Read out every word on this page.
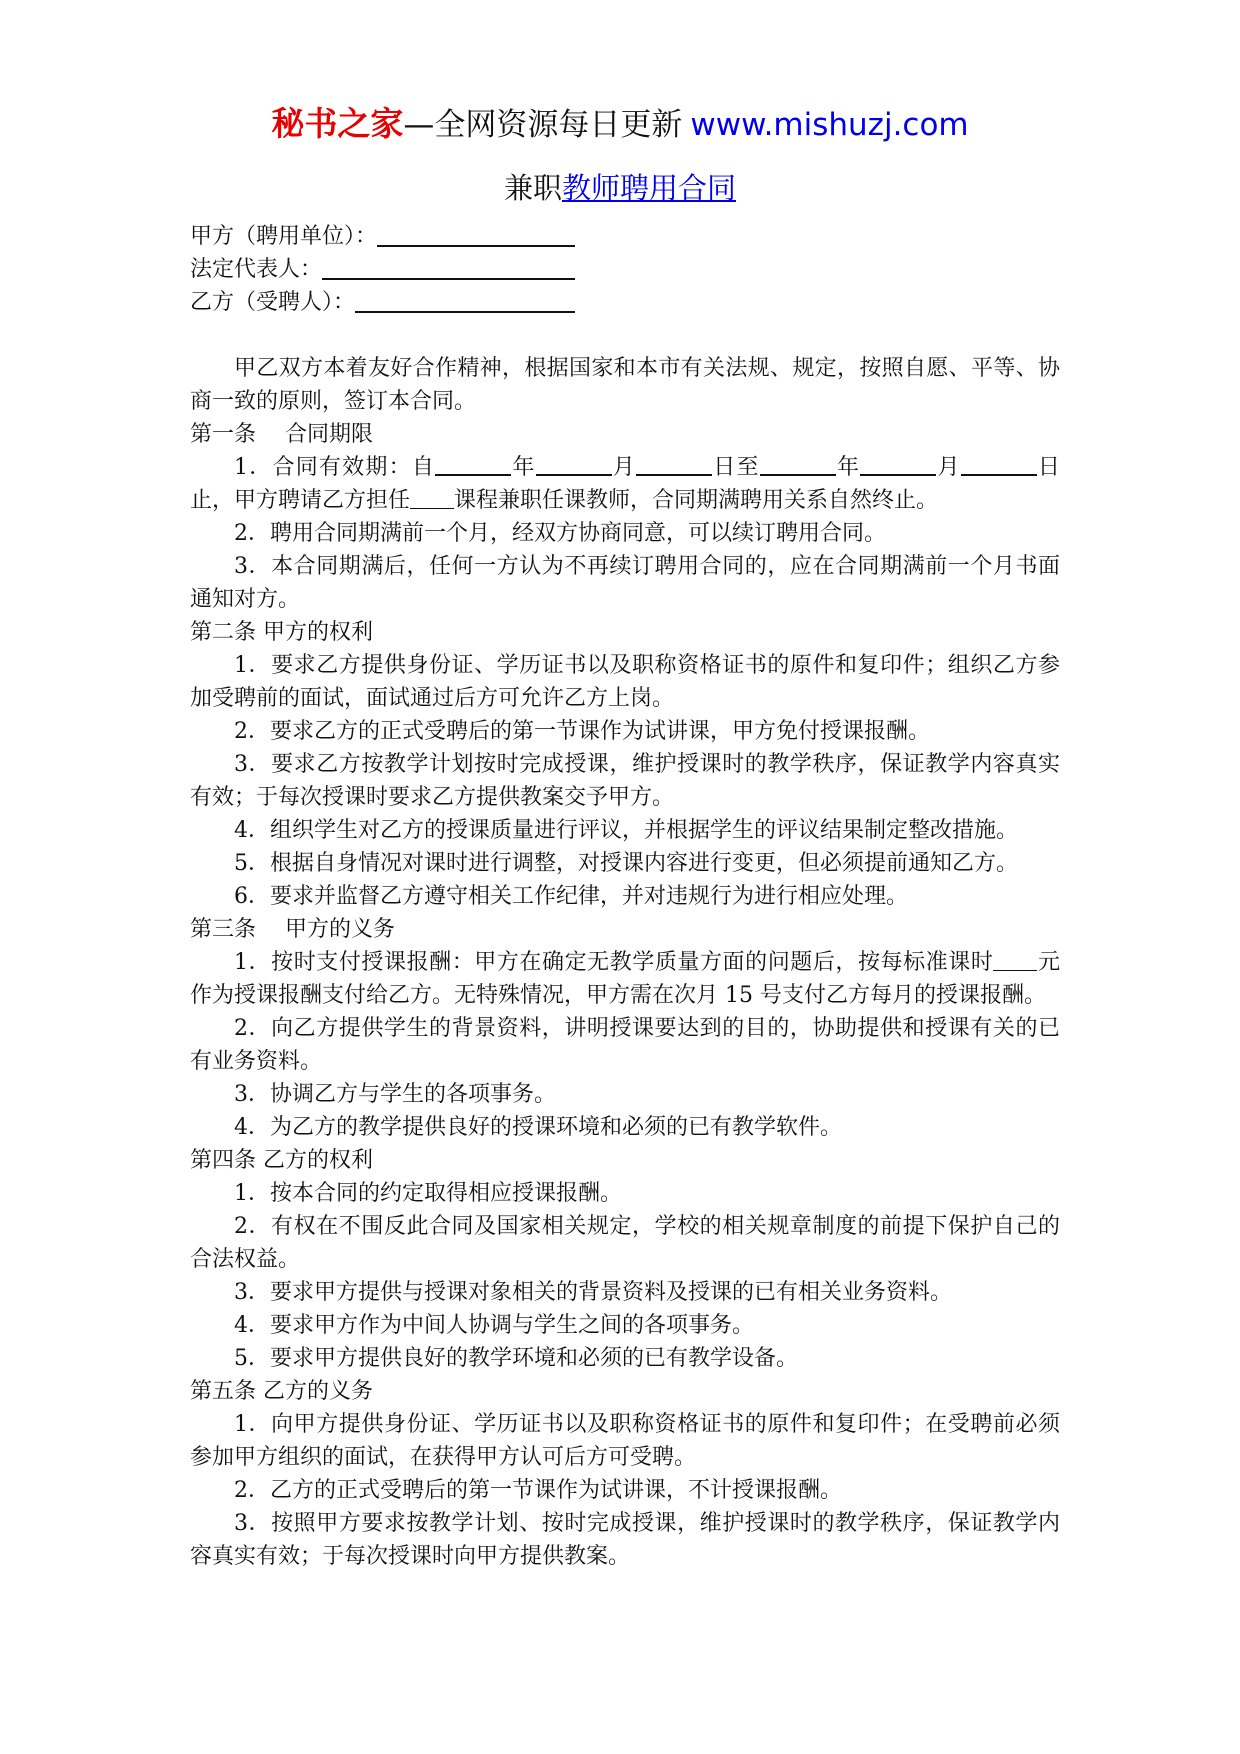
秘书之家—全网资源每日更新 www.mishuzj.com
兼职教师聘用合同
甲方（聘用单位）：
法定代表人：
乙方（受聘人）：

甲乙双方本着友好合作精神，根据国家和本市有关法规、规定，按照自愿、平等、协商一致的原则，签订本合同。

第一条　 合同期限

1．合同有效期：自	年	月	日至	年	月	日止，甲方聘请乙方担任 课程兼职任课教师，合同期满聘用关系自然终止。

2．聘用合同期满前一个月，经双方协商同意，可以续订聘用合同。

3．本合同期满后，任何一方认为不再续订聘用合同的，应在合同期满前一个月书面通知对方。

第二条 甲方的权利

1．要求乙方提供身份证、学历证书以及职称资格证书的原件和复印件；组织乙方参加受聘前的面试，面试通过后方可允许乙方上岗。

2．要求乙方的正式受聘后的第一节课作为试讲课，甲方免付授课报酬。

3．要求乙方按教学计划按时完成授课，维护授课时的教学秩序，保证教学内容真实有效；于每次授课时要求乙方提供教案交予甲方。

4．组织学生对乙方的授课质量进行评议，并根据学生的评议结果制定整改措施。

5．根据自身情况对课时进行调整，对授课内容进行变更，但必须提前通知乙方。

6．要求并监督乙方遵守相关工作纪律，并对违规行为进行相应处理。

第三条　 甲方的义务

1．按时支付授课报酬：甲方在确定无教学质量方面的问题后，按每标准课时 元作为授课报酬支付给乙方。无特殊情况，甲方需在次月 15 号支付乙方每月的授课报酬。

2．向乙方提供学生的背景资料，讲明授课要达到的目的，协助提供和授课有关的已有业务资料。

3．协调乙方与学生的各项事务。

4．为乙方的教学提供良好的授课环境和必须的已有教学软件。

第四条 乙方的权利

1．按本合同的约定取得相应授课报酬。

2．有权在不围反此合同及国家相关规定，学校的相关规章制度的前提下保护自己的合法权益。

3．要求甲方提供与授课对象相关的背景资料及授课的已有相关业务资料。

4．要求甲方作为中间人协调与学生之间的各项事务。

5．要求甲方提供良好的教学环境和必须的已有教学设备。

第五条 乙方的义务

1．向甲方提供身份证、学历证书以及职称资格证书的原件和复印件；在受聘前必须参加甲方组织的面试，在获得甲方认可后方可受聘。

2．乙方的正式受聘后的第一节课作为试讲课，不计授课报酬。

3．按照甲方要求按教学计划、按时完成授课，维护授课时的教学秩序，保证教学内容真实有效；于每次授课时向甲方提供教案。
